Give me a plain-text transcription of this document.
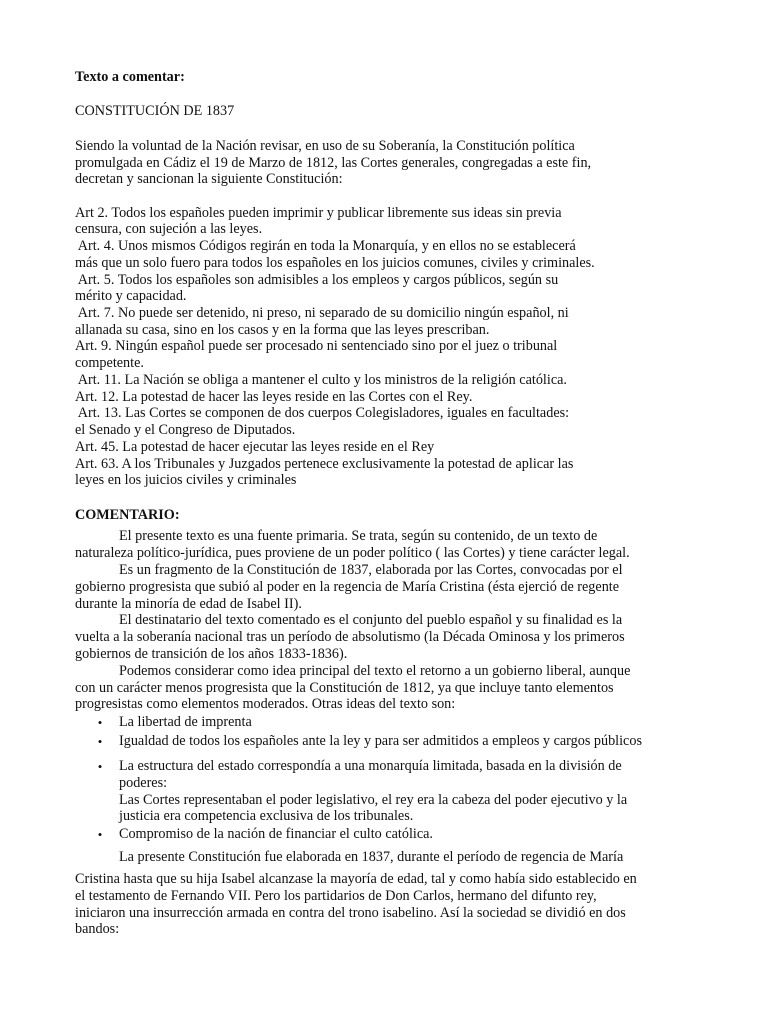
Texto a comentar:
CONSTITUCIÓN DE 1837
Siendo la voluntad de la Nación revisar, en uso de su Soberanía, la Constitución política
promulgada en Cádiz el 19 de Marzo de 1812, las Cortes generales, congregadas a este fin,
decretan y sancionan la siguiente Constitución:
Art 2. Todos los españoles pueden imprimir y publicar libremente sus ideas sin previa
censura, con sujeción a las leyes.
Art. 4. Unos mismos Códigos regirán en toda la Monarquía, y en ellos no se establecerá
más que un solo fuero para todos los españoles en los juicios comunes, civiles y criminales.
Art. 5. Todos los españoles son admisibles a los empleos y cargos públicos, según su
mérito y capacidad.
Art. 7. No puede ser detenido, ni preso, ni separado de su domicilio ningún español, ni
allanada su casa, sino en los casos y en la forma que las leyes prescriban.
Art. 9. Ningún español puede ser procesado ni sentenciado sino por el juez o tribunal
competente.
Art. 11. La Nación se obliga a mantener el culto y los ministros de la religión católica.
Art. 12. La potestad de hacer las leyes reside en las Cortes con el Rey.
Art. 13. Las Cortes se componen de dos cuerpos Colegisladores, iguales en facultades:
el Senado y el Congreso de Diputados.
Art. 45. La potestad de hacer ejecutar las leyes reside en el Rey
Art. 63. A los Tribunales y Juzgados pertenece exclusivamente la potestad de aplicar las
leyes en los juicios civiles y criminales
COMENTARIO:
El presente texto es una fuente primaria. Se trata, según su contenido, de un texto de
naturaleza político-jurídica, pues proviene de un poder político ( las Cortes) y tiene carácter legal.
Es un fragmento de la Constitución de 1837, elaborada por las Cortes, convocadas por el
gobierno progresista que subió al poder en la regencia de María Cristina (ésta ejerció de regente
durante la minoría de edad de Isabel II).
El destinatario del texto comentado es el conjunto del pueblo español y su finalidad es la
vuelta a la soberanía nacional tras un período de absolutismo (la Década Ominosa y los primeros
gobiernos de transición de los años 1833-1836).
Podemos considerar como idea principal del texto el retorno a un gobierno liberal, aunque
con un carácter menos progresista que la Constitución de 1812, ya que incluye tanto elementos
progresistas como elementos moderados. Otras ideas del texto son:
• La libertad de imprenta
• Igualdad de todos los españoles ante la ley y para ser admitidos a empleos y cargos públicos
• La estructura del estado correspondía a una monarquía limitada, basada en la división de
poderes:
Las Cortes representaban el poder legislativo, el rey era la cabeza del poder ejecutivo y la
justicia era competencia exclusiva de los tribunales.
• Compromiso de la nación de financiar el culto católica.
La presente Constitución fue elaborada en 1837, durante el período de regencia de María
Cristina hasta que su hija Isabel alcanzase la mayoría de edad, tal y como había sido establecido en
el testamento de Fernando VII. Pero los partidarios de Don Carlos, hermano del difunto rey,
iniciaron una insurrección armada en contra del trono isabelino. Así la sociedad se dividió en dos
bandos:
